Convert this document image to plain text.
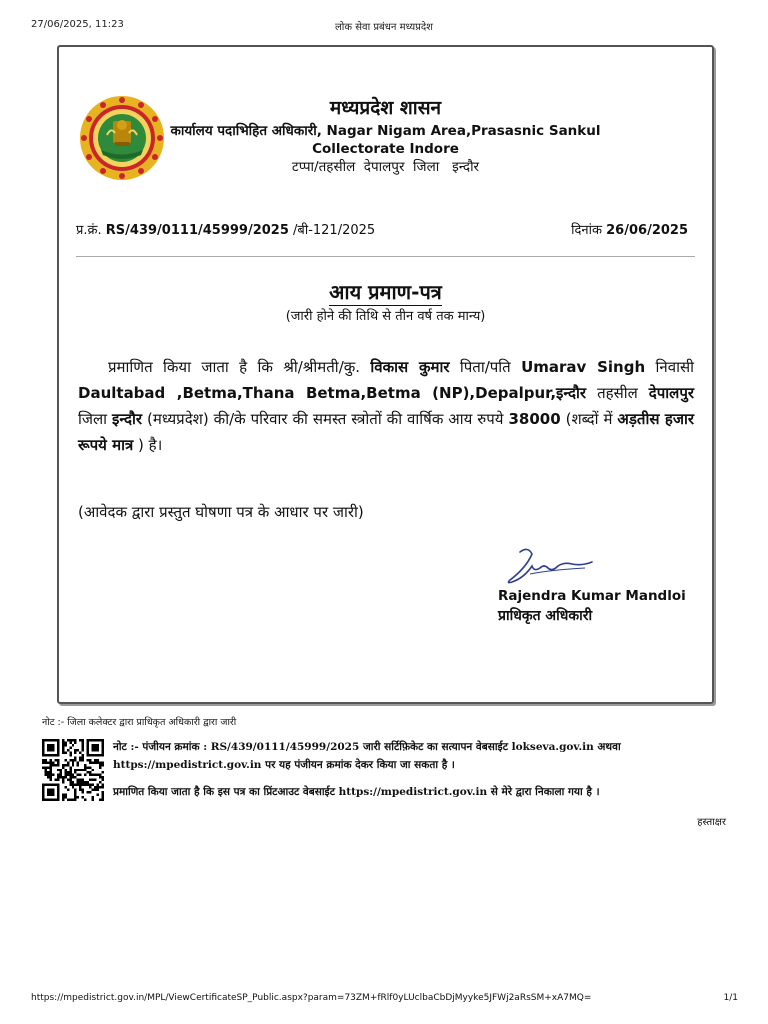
27/06/2025, 11:23	लोक सेवा प्रबंधन मध्यप्रदेश
मध्यप्रदेश शासन
कार्यालय पदाभिहित अधिकारी, Nagar Nigam Area,Prasasnic Sankul
Collectorate Indore
टप्पा/तहसील  देपालपुर  जिला   इन्दौर
प्र.क्रं. RS/439/0111/45999/2025 /बी-121/2025	दिनांक 26/06/2025
आय प्रमाण-पत्र
(जारी होने की तिथि से तीन वर्ष तक मान्य)
प्रमाणित किया जाता है कि श्री/श्रीमती/कु. विकास कुमार पिता/पति Umarav Singh निवासी Daultabad ,Betma,Thana Betma,Betma (NP),Depalpur,इन्दौर तहसील देपालपुर जिला इन्दौर (मध्यप्रदेश) की/के परिवार की समस्त स्त्रोतों की वार्षिक आय रुपये 38000 (शब्दों में अड़तीस हजार रूपये मात्र ) है।
(आवेदक द्वारा प्रस्तुत घोषणा पत्र के आधार पर जारी)
Rajendra Kumar Mandloi
प्राधिकृत अधिकारी
नोट :- जिला कलेक्टर द्वारा प्राधिकृत अधिकारी द्वारा जारी
नोट :- पंजीयन क्रमांक : RS/439/0111/45999/2025 जारी सर्टिफ़िकेट का सत्यापन वेबसाईट lokseva.gov.in अथवा
https://mpedistrict.gov.in पर यह पंजीयन क्रमांक देकर किया जा सकता है ।
प्रमाणित किया जाता है कि इस पत्र का प्रिंटआउट वेबसाईट https://mpedistrict.gov.in से मेरे द्वारा निकाला गया है ।
हस्ताक्षर
https://mpedistrict.gov.in/MPL/ViewCertificateSP_Public.aspx?param=73ZM+fRlf0yLUclbaCbDjMyyke5JFWj2aRsSM+xA7MQ=	1/1
